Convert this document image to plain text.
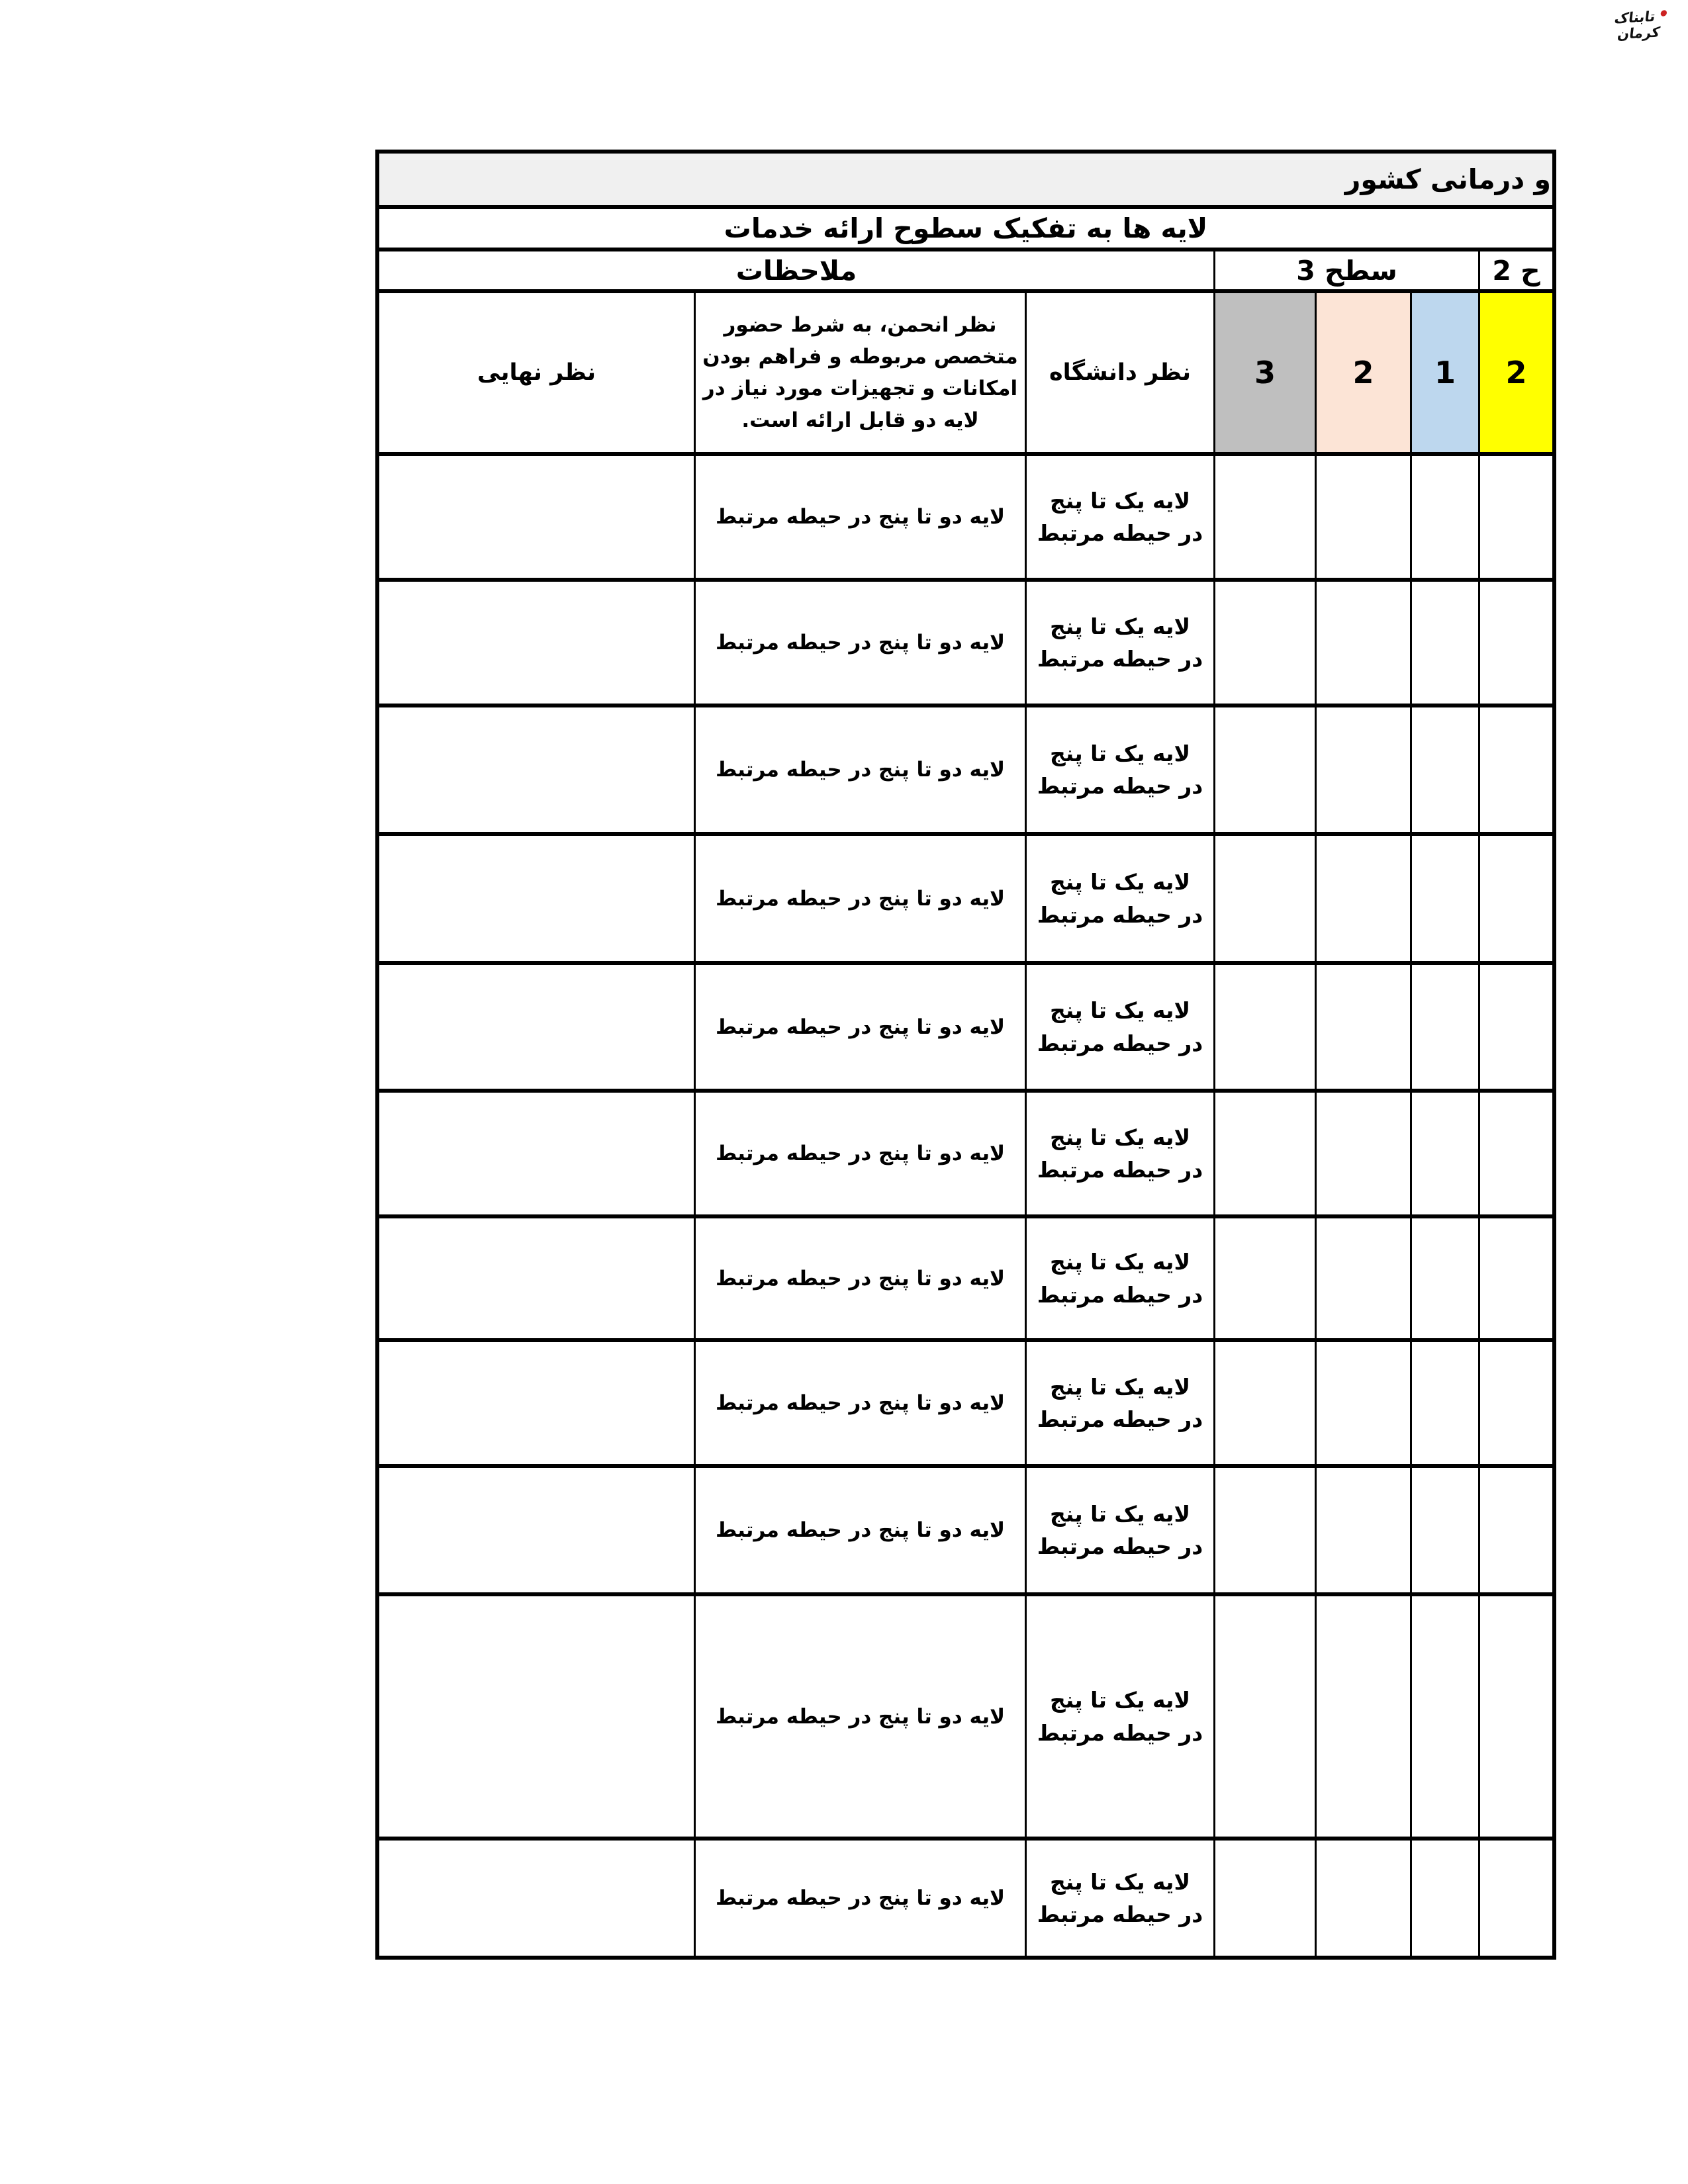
● تابناک کرمان
و درمانی کشور
لایه ها به تفکیک سطوح ارائه خدمات
ح 2
سطح 3
ملاحظات
2
1
2
3
نظر دانشگاه
نظر انحمن، به شرط حضور متخصص مربوطه و فراهم بودن امکانات و تجهیزات مورد نیاز در لایه دو قابل ارائه است.
نظر نهایی
لایه یک تا پنج در حیطه مرتبط
لایه دو تا پنج در حیطه مرتبط
لایه یک تا پنج در حیطه مرتبط
لایه دو تا پنج در حیطه مرتبط
لایه یک تا پنج در حیطه مرتبط
لایه دو تا پنج در حیطه مرتبط
لایه یک تا پنج در حیطه مرتبط
لایه دو تا پنج در حیطه مرتبط
لایه یک تا پنج در حیطه مرتبط
لایه دو تا پنج در حیطه مرتبط
لایه یک تا پنج در حیطه مرتبط
لایه دو تا پنج در حیطه مرتبط
لایه یک تا پنج در حیطه مرتبط
لایه دو تا پنج در حیطه مرتبط
لایه یک تا پنج در حیطه مرتبط
لایه دو تا پنج در حیطه مرتبط
لایه یک تا پنج در حیطه مرتبط
لایه دو تا پنج در حیطه مرتبط
لایه یک تا پنج در حیطه مرتبط
لایه دو تا پنج در حیطه مرتبط
لایه یک تا پنج در حیطه مرتبط
لایه دو تا پنج در حیطه مرتبط
